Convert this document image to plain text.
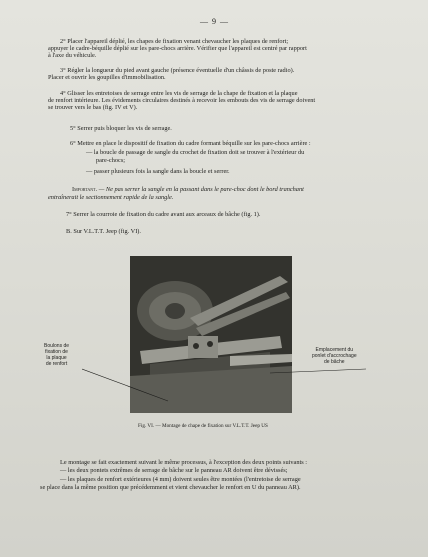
— 9 —
2° Placer l'appareil déplié, les chapes de fixation venant chevaucher les plaques de renfort;
appuyer le cadre-béquille déplié sur les pare-chocs arrière. Vérifier que l'appareil est centré par rapport
à l'axe du véhicule.
3° Régler la longueur du pied avant gauche (présence éventuelle d'un châssis de poste radio).
Placer et ouvrir les goupilles d'immobilisation.
4° Glisser les entretoises de serrage entre les vis de serrage de la chape de fixation et la plaque
de renfort intérieure. Les évidements circulaires destinés à recevoir les embouts des vis de serrage doivent
se trouver vers le bas (fig. IV et V).
5° Serrer puis bloquer les vis de serrage.
6° Mettre en place le dispositif de fixation du cadre formant béquille sur les pare-chocs arrière :
— la boucle de passage de sangle du crochet de fixation doit se trouver à l'extérieur du
pare-chocs;
— passer plusieurs fois la sangle dans la boucle et serrer.
Important. — Ne pas serrer la sangle en la passant dans le pare-choc dont le bord tranchant
entraînerait le sectionnement rapide de la sangle.
7° Serrer la courroie de fixation du cadre avant aux arceaux de bâche (fig. 1).
B. Sur V.L.T.T. Jeep (fig. VI).
Boulons de
fixation de
la plaque
de renfort
Emplacement du
ponlet d'accrochage
de bâche
Fig. VI. — Montage de chape de fixation sur V.L.T.T. Jeep US
Le montage se fait exactement suivant le même processus, à l'exception des deux points suivants :
— les deux pontets extrêmes de serrage de bâche sur le panneau AR doivent être dévissés;
— les plaques de renfort extérieures (4 mm) doivent seules être montées (l'entretoise de serrage
se place dans la même position que précédemment et vient chevaucher le renfort en U du panneau AR).
